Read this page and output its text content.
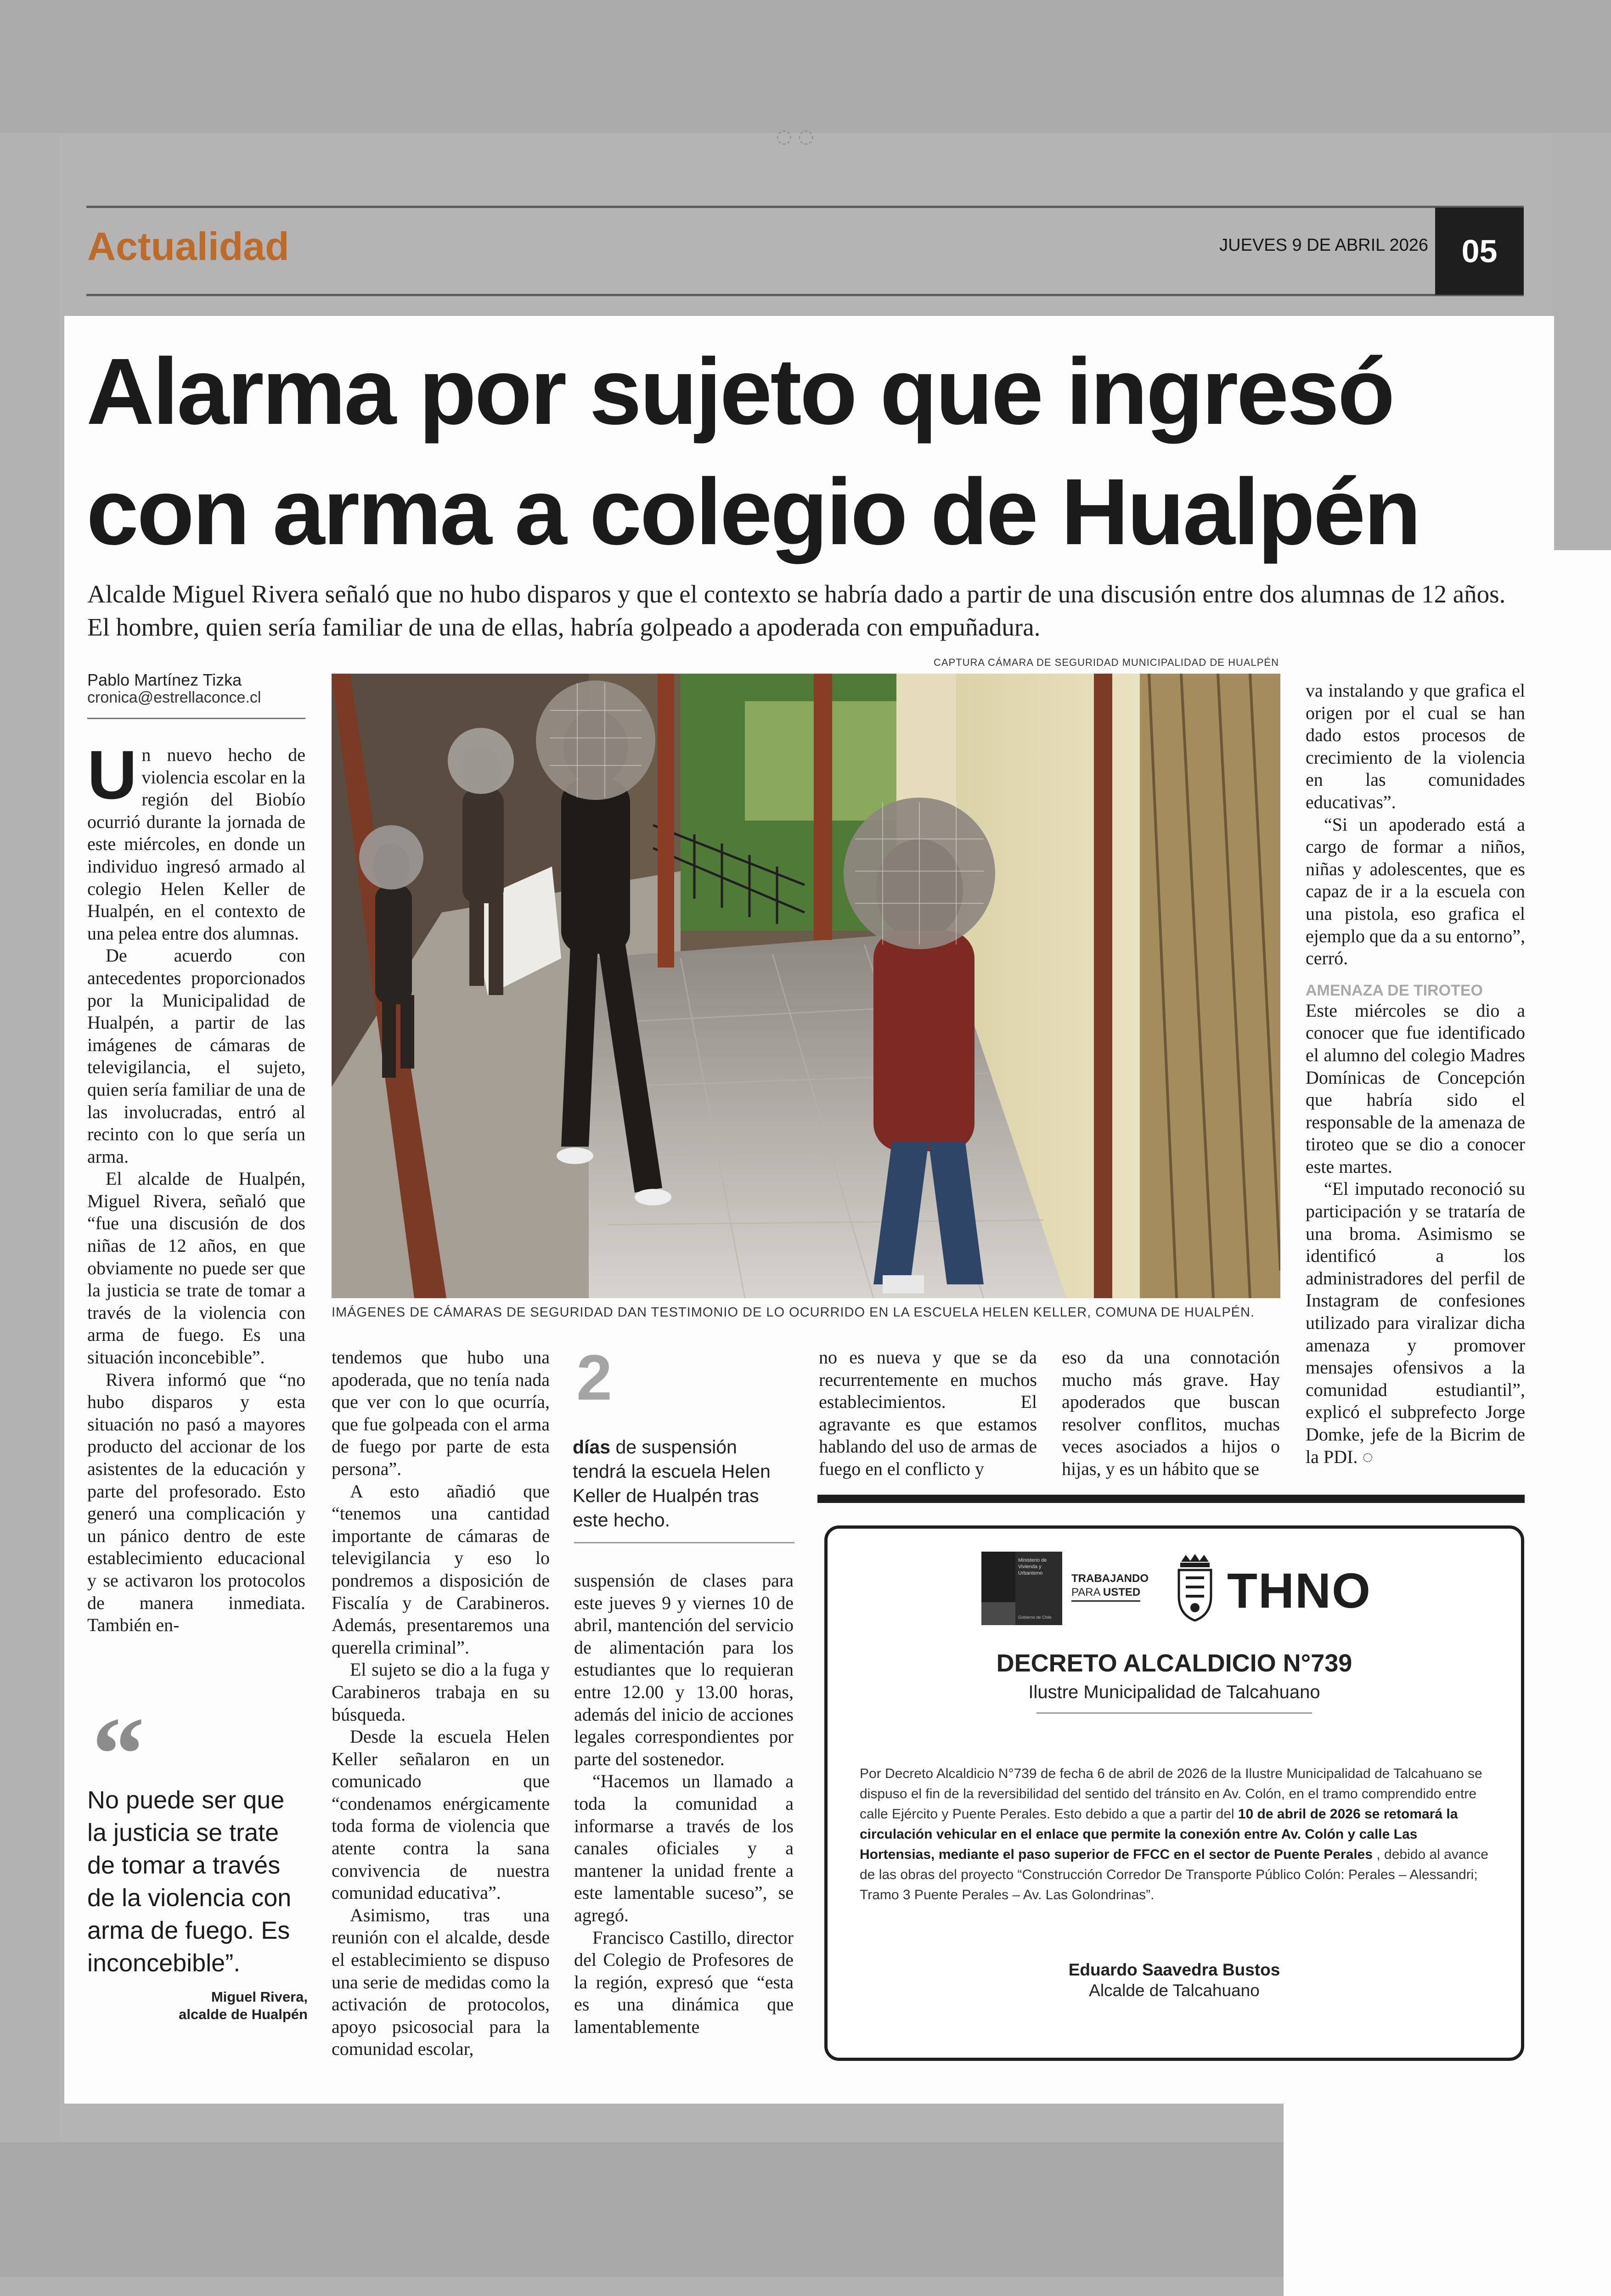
◌ ◌
Actualidad	JUEVES 9 DE ABRIL 2026	05
Alarma por sujeto que ingresó con arma a colegio de Hualpén

Alcalde Miguel Rivera señaló que no hubo disparos y que el contexto se habría dado a partir de una discusión entre dos alumnas de 12 años. El hombre, quien sería familiar de una de ellas, habría golpeado a apoderada con empuñadura.

Pablo Martínez Tizka
cronica@estrellaconce.cl

Un nuevo hecho de violencia escolar en la región del Biobío ocurrió durante la jornada de este miércoles, en donde un individuo ingresó armado al colegio Helen Keller de Hualpén, en el contexto de una pelea entre dos alumnas.

De acuerdo con antecedentes proporcionados por la Municipalidad de Hualpén, a partir de las imágenes de cámaras de televigilancia, el sujeto, quien sería familiar de una de las involucradas, entró al recinto con lo que sería un arma.

El alcalde de Hualpén, Miguel Rivera, señaló que “fue una discusión de dos niñas de 12 años, en que obviamente no puede ser que la justicia se trate de tomar a través de la violencia con arma de fuego. Es una situación inconcebible”.

Rivera informó que “no hubo disparos y esta situación no pasó a mayores producto del accionar de los asistentes de la educación y parte del profesorado. Esto generó una complicación y un pánico dentro de este establecimiento educacional y se activaron los protocolos de manera inmediata. También en-

CAPTURA CÁMARA DE SEGURIDAD MUNICIPALIDAD DE HUALPÉN
IMÁGENES DE CÁMARAS DE SEGURIDAD DAN TESTIMONIO DE LO OCURRIDO EN LA ESCUELA HELEN KELLER, COMUNA DE HUALPÉN.
“

No puede ser que la justicia se trate de tomar a través de la violencia con arma de fuego. Es inconcebible”.

Miguel Rivera,
alcalde de Hualpén

tendemos que hubo una apoderada, que no tenía nada que ver con lo que ocurría, que fue golpeada con el arma de fuego por parte de esta persona”.

A esto añadió que “tenemos una cantidad importante de cámaras de televigilancia y eso lo pondremos a disposición de Fiscalía y de Carabineros. Además, presentaremos una querella criminal”.

El sujeto se dio a la fuga y Carabineros trabaja en su búsqueda.

Desde la escuela Helen Keller señalaron en un comunicado que “condenamos enérgicamente toda forma de violencia que atente contra la sana convivencia de nuestra comunidad educativa”.

Asimismo, tras una reunión con el alcalde, desde el establecimiento se dispuso una serie de medidas como la activación de protocolos, apoyo psicosocial para la comunidad escolar,

2

días de suspensión tendrá la escuela Helen Keller de Hualpén tras este hecho.

suspensión de clases para este jueves 9 y viernes 10 de abril, mantención del servicio de alimentación para los estudiantes que lo requieran entre 12.00 y 13.00 horas, además del inicio de acciones legales correspondientes por parte del sostenedor.

“Hacemos un llamado a toda la comunidad a informarse a través de los canales oficiales y a mantener la unidad frente a este lamentable suceso”, se agregó.

Francisco Castillo, director del Colegio de Profesores de la región, expresó que “esta es una dinámica que lamentablemente

no es nueva y que se da recurrentemente en muchos establecimientos. El agravante es que estamos hablando del uso de armas de fuego en el conflicto y

eso da una connotación mucho más grave. Hay apoderados que buscan resolver conflitos, muchas veces asociados a hijos o hijas, y es un hábito que se

va instalando y que grafica el origen por el cual se han dado estos procesos de crecimiento de la violencia en las comunidades educativas”.

“Si un apoderado está a cargo de formar a niños, niñas y adolescentes, que es capaz de ir a la escuela con una pistola, eso grafica el ejemplo que da a su entorno”, cerró.

AMENAZA DE TIROTEO

Este miércoles se dio a conocer que fue identificado el alumno del colegio Madres Domínicas de Concepción que habría sido el responsable de la amenaza de tiroteo que se dio a conocer este martes.

“El imputado reconoció su participación y se trataría de una broma. Asimismo se identificó a los administradores del perfil de Instagram de confesiones utilizado para viralizar dicha amenaza y promover mensajes ofensivos a la comunidad estudiantil”, explicó el subprefecto Jorge Domke, jefe de la Bicrim de la PDI. ◌

Ministerio de Vivienda y Urbanismo
Gobierno de Chile
TRABAJANDO
PARA USTED THNO
DECRETO ALCALDICIO N°739
Ilustre Municipalidad de Talcahuano

Por Decreto Alcaldicio N°739 de fecha 6 de abril de 2026 de la Ilustre Municipalidad de Talcahuano se dispuso el fin de la reversibilidad del sentido del tránsito en Av. Colón, en el tramo comprendido entre calle Ejército y Puente Perales. Esto debido a que a partir del 10 de abril de 2026 se retomará la circulación vehicular en el enlace que permite la conexión entre Av. Colón y calle Las Hortensias, mediante el paso superior de FFCC en el sector de Puente Perales , debido al avance de las obras del proyecto “Construcción Corredor De Transporte Público Colón: Perales – Alessandri; Tramo 3 Puente Perales – Av. Las Golondrinas”.

Eduardo Saavedra Bustos
Alcalde de Talcahuano
